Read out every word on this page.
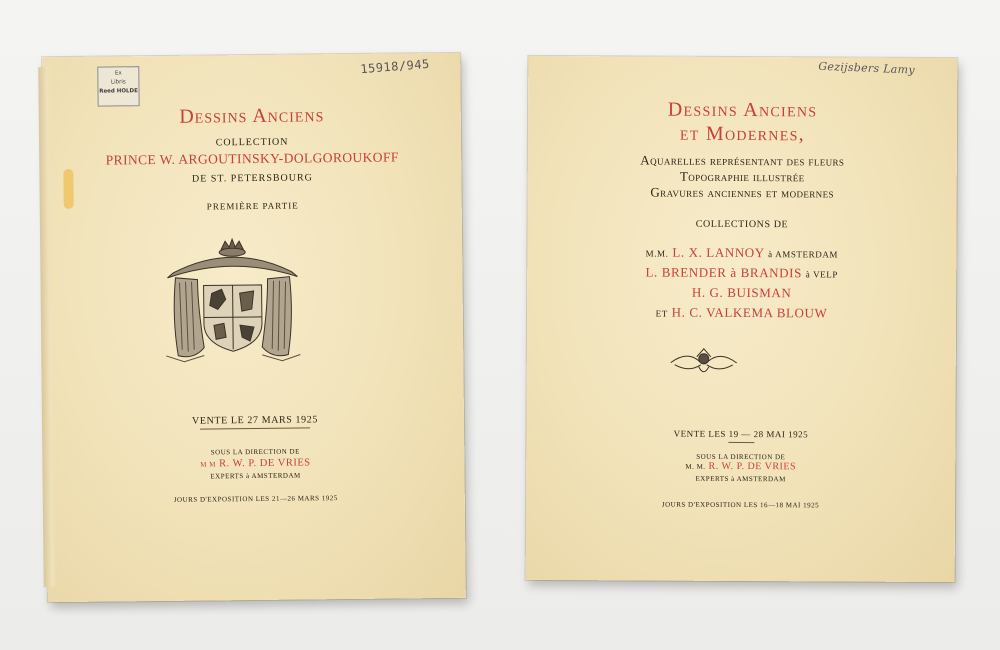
Ex
Libris
Reed HOLDE
15918/945
Dessins Anciens
COLLECTION
PRINCE W. ARGOUTINSKY-DOLGOROUKOFF
DE ST. PETERSBOURG
PREMIÈRE PARTIE
VENTE LE 27 MARS 1925
SOUS LA DIRECTION DE
M M R. W. P. DE VRIES
EXPERTS à AMSTERDAM
JOURS D'EXPOSITION LES 21—26 MARS 1925
Gezijsbers Lamy
Dessins Anciens
et Modernes,
Aquarelles représentant des fleurs
Topographie illustrée
Gravures anciennes et modernes
COLLECTIONS DE
M.M. L. X. LANNOY à AMSTERDAM
L. BRENDER à BRANDIS à VELP
H. G. BUISMAN
ET H. C. VALKEMA BLOUW
VENTE LES 19 — 28 MAI 1925
SOUS LA DIRECTION DE
M. M. R. W. P. DE VRIES
EXPERTS à AMSTERDAM
JOURS D'EXPOSITION LES 16—18 MAI 1925
